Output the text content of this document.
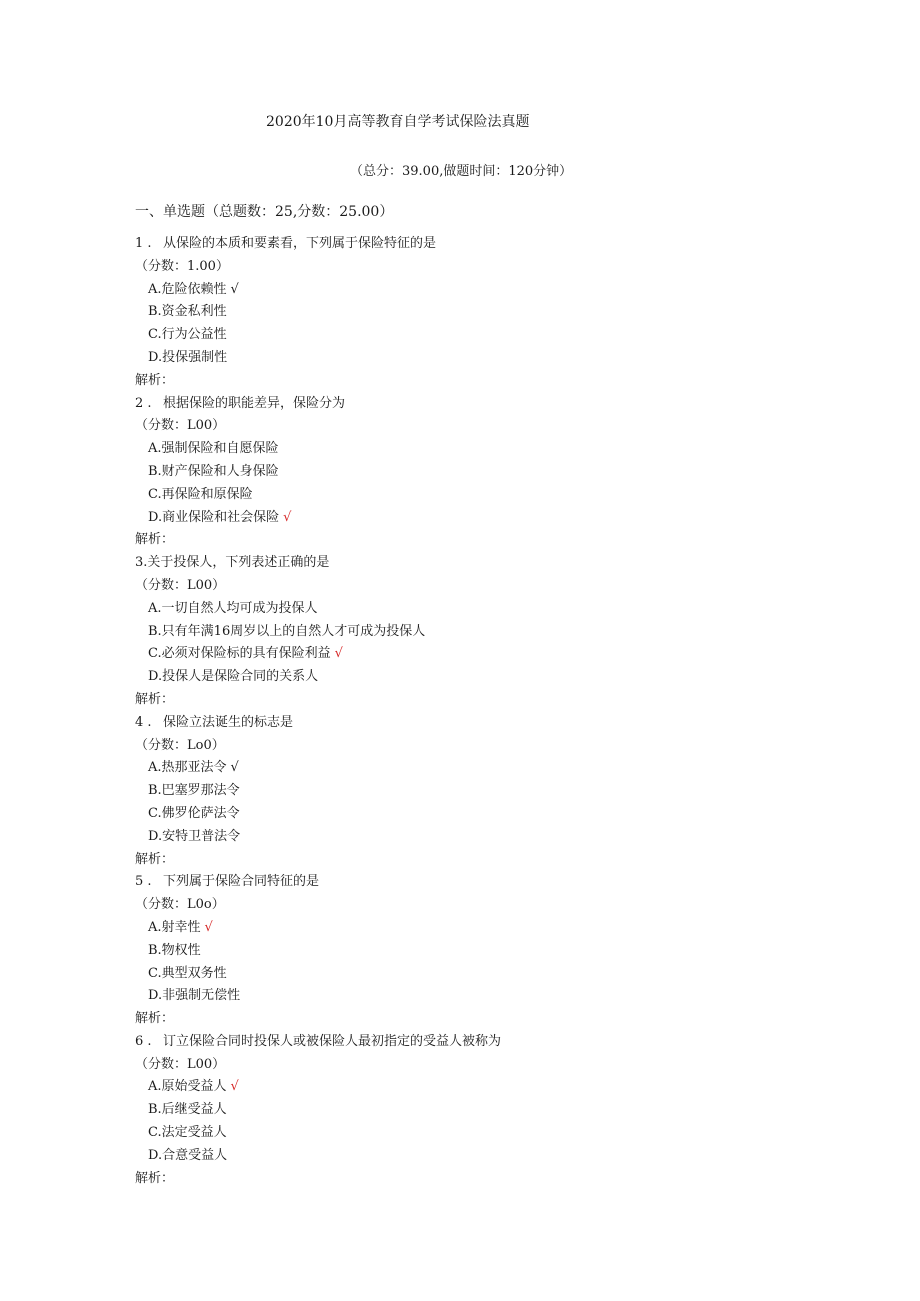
2020年10月高等教育自学考试保险法真题
（总分：39.00,做题时间：120分钟）
一、单选题（总题数：25,分数：25.00）
1 . 从保险的本质和要素看，下列属于保险特征的是
（分数：1.00）
A.危险依赖性 √
B.资金私利性
C.行为公益性
D.投保强制性
解析：
2 . 根据保险的职能差异，保险分为
（分数：L00）
A.强制保险和自愿保险
B.财产保险和人身保险
C.再保险和原保险
D.商业保险和社会保险 √
解析：
3.关于投保人，下列表述正确的是
（分数：L00）
A.一切自然人均可成为投保人
B.只有年满16周岁以上的自然人才可成为投保人
C.必须对保险标的具有保险利益 √
D.投保人是保险合同的关系人
解析：
4 . 保险立法诞生的标志是
（分数：Lo0）
A.热那亚法令 √
B.巴塞罗那法令
C.佛罗伦萨法令
D.安特卫普法令
解析：
5 . 下列属于保险合同特征的是
（分数：L0o）
A.射幸性 √
B.物权性
C.典型双务性
D.非强制无偿性
解析：
6 . 订立保险合同时投保人或被保险人最初指定的受益人被称为
（分数：L00）
A.原始受益人 √
B.后继受益人
C.法定受益人
D.合意受益人
解析：
